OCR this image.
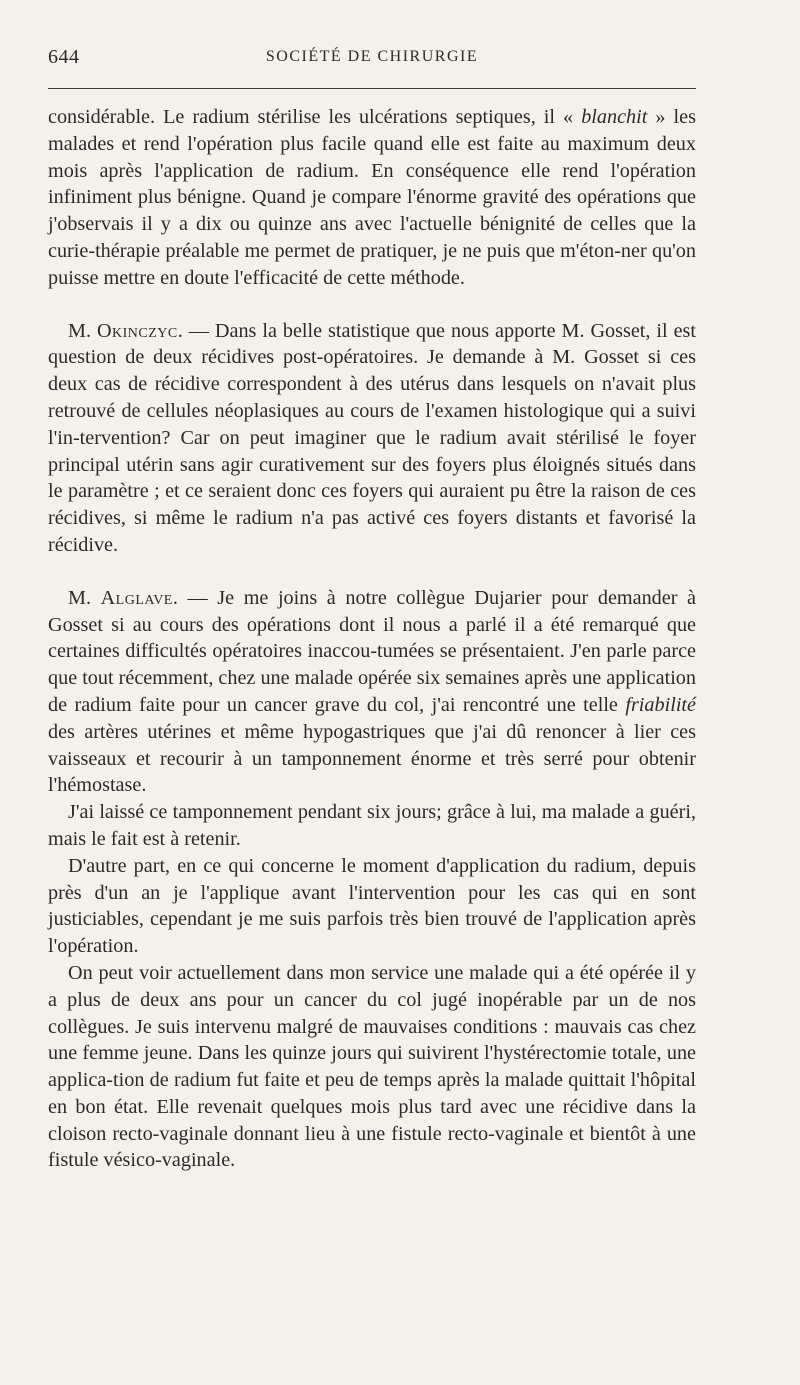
644	SOCIÉTÉ DE CHIRURGIE

considérable. Le radium stérilise les ulcérations septiques, il « blanchit » les malades et rend l'opération plus facile quand elle est faite au maximum deux mois après l'application de radium. En conséquence elle rend l'opération infiniment plus bénigne. Quand je compare l'énorme gravité des opérations que j'observais il y a dix ou quinze ans avec l'actuelle bénignité de celles que la curie-thérapie préalable me permet de pratiquer, je ne puis que m'éton-ner qu'on puisse mettre en doute l'efficacité de cette méthode.

M. Okinczyc. — Dans la belle statistique que nous apporte M. Gosset, il est question de deux récidives post-opératoires. Je demande à M. Gosset si ces deux cas de récidive correspondent à des utérus dans lesquels on n'avait plus retrouvé de cellules néoplasiques au cours de l'examen histologique qui a suivi l'in-tervention? Car on peut imaginer que le radium avait stérilisé le foyer principal utérin sans agir curativement sur des foyers plus éloignés situés dans le paramètre ; et ce seraient donc ces foyers qui auraient pu être la raison de ces récidives, si même le radium n'a pas activé ces foyers distants et favorisé la récidive.

M. Alglave. — Je me joins à notre collègue Dujarier pour demander à Gosset si au cours des opérations dont il nous a parlé il a été remarqué que certaines difficultés opératoires inaccou-tumées se présentaient. J'en parle parce que tout récemment, chez une malade opérée six semaines après une application de radium faite pour un cancer grave du col, j'ai rencontré une telle friabilité des artères utérines et même hypogastriques que j'ai dû renoncer à lier ces vaisseaux et recourir à un tamponnement énorme et très serré pour obtenir l'hémostase.

J'ai laissé ce tamponnement pendant six jours; grâce à lui, ma malade a guéri, mais le fait est à retenir.

D'autre part, en ce qui concerne le moment d'application du radium, depuis près d'un an je l'applique avant l'intervention pour les cas qui en sont justiciables, cependant je me suis parfois très bien trouvé de l'application après l'opération.

On peut voir actuellement dans mon service une malade qui a été opérée il y a plus de deux ans pour un cancer du col jugé inopérable par un de nos collègues. Je suis intervenu malgré de mauvaises conditions : mauvais cas chez une femme jeune. Dans les quinze jours qui suivirent l'hystérectomie totale, une applica-tion de radium fut faite et peu de temps après la malade quittait l'hôpital en bon état. Elle revenait quelques mois plus tard avec une récidive dans la cloison recto-vaginale donnant lieu à une fistule recto-vaginale et bientôt à une fistule vésico-vaginale.
